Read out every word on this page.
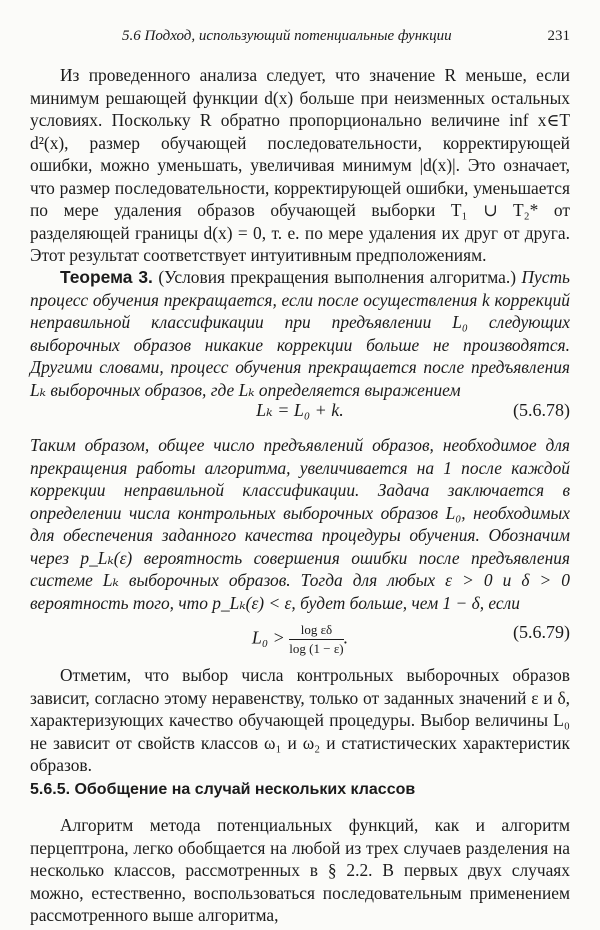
5.6 Подход, использующий потенциальные функции	231

Из проведенного анализа следует, что значение R меньше, если минимум решающей функции d(x) больше при неизменных остальных условиях. Поскольку R обратно пропорционально величине inf x∈T d²(x), размер обучающей последовательности, корректирующей ошибки, можно уменьшать, увеличивая минимум |d(x)|. Это означает, что размер последовательности, корректирующей ошибки, уменьшается по мере удаления образов обучающей выборки T₁ ∪ T₂* от разделяющей границы d(x) = 0, т. е. по мере удаления их друг от друга. Этот результат соответствует интуитивным предположениям.

Теорема 3. (Условия прекращения выполнения алгоритма.) Пусть процесс обучения прекращается, если после осуществления k коррекций неправильной классификации при предъявлении L₀ следующих выборочных образов никакие коррекции больше не производятся. Другими словами, процесс обучения прекращается после предъявления Lₖ выборочных образов, где Lₖ определяется выражением

Lₖ = L₀ + k.	(5.6.78)

Таким образом, общее число предъявлений образов, необходимое для прекращения работы алгоритма, увеличивается на 1 после каждой коррекции неправильной классификации. Задача заключается в определении числа контрольных выборочных образов L₀, необходимых для обеспечения заданного качества процедуры обучения. Обозначим через p_Lₖ(ε) вероятность совершения ошибки после предъявления системе Lₖ выборочных образов. Тогда для любых ε > 0 и δ > 0 вероятность того, что p_Lₖ(ε) < ε, будет больше, чем 1 − δ, если

$L_0 > \frac{\text{log εδ}}{\log (1 - \varepsilon)}$ .	(5.6.79)

Отметим, что выбор числа контрольных выборочных образов зависит, согласно этому неравенству, только от заданных значений ε и δ, характеризующих качество обучающей процедуры. Выбор величины L₀ не зависит от свойств классов ω₁ и ω₂ и статистических характеристик образов.

5.6.5. Обобщение на случай нескольких классов

Алгоритм метода потенциальных функций, как и алгоритм перцептрона, легко обобщается на любой из трех случаев разделения на несколько классов, рассмотренных в § 2.2. В первых двух случаях можно, естественно, воспользоваться последовательным применением рассмотренного выше алгоритма,
